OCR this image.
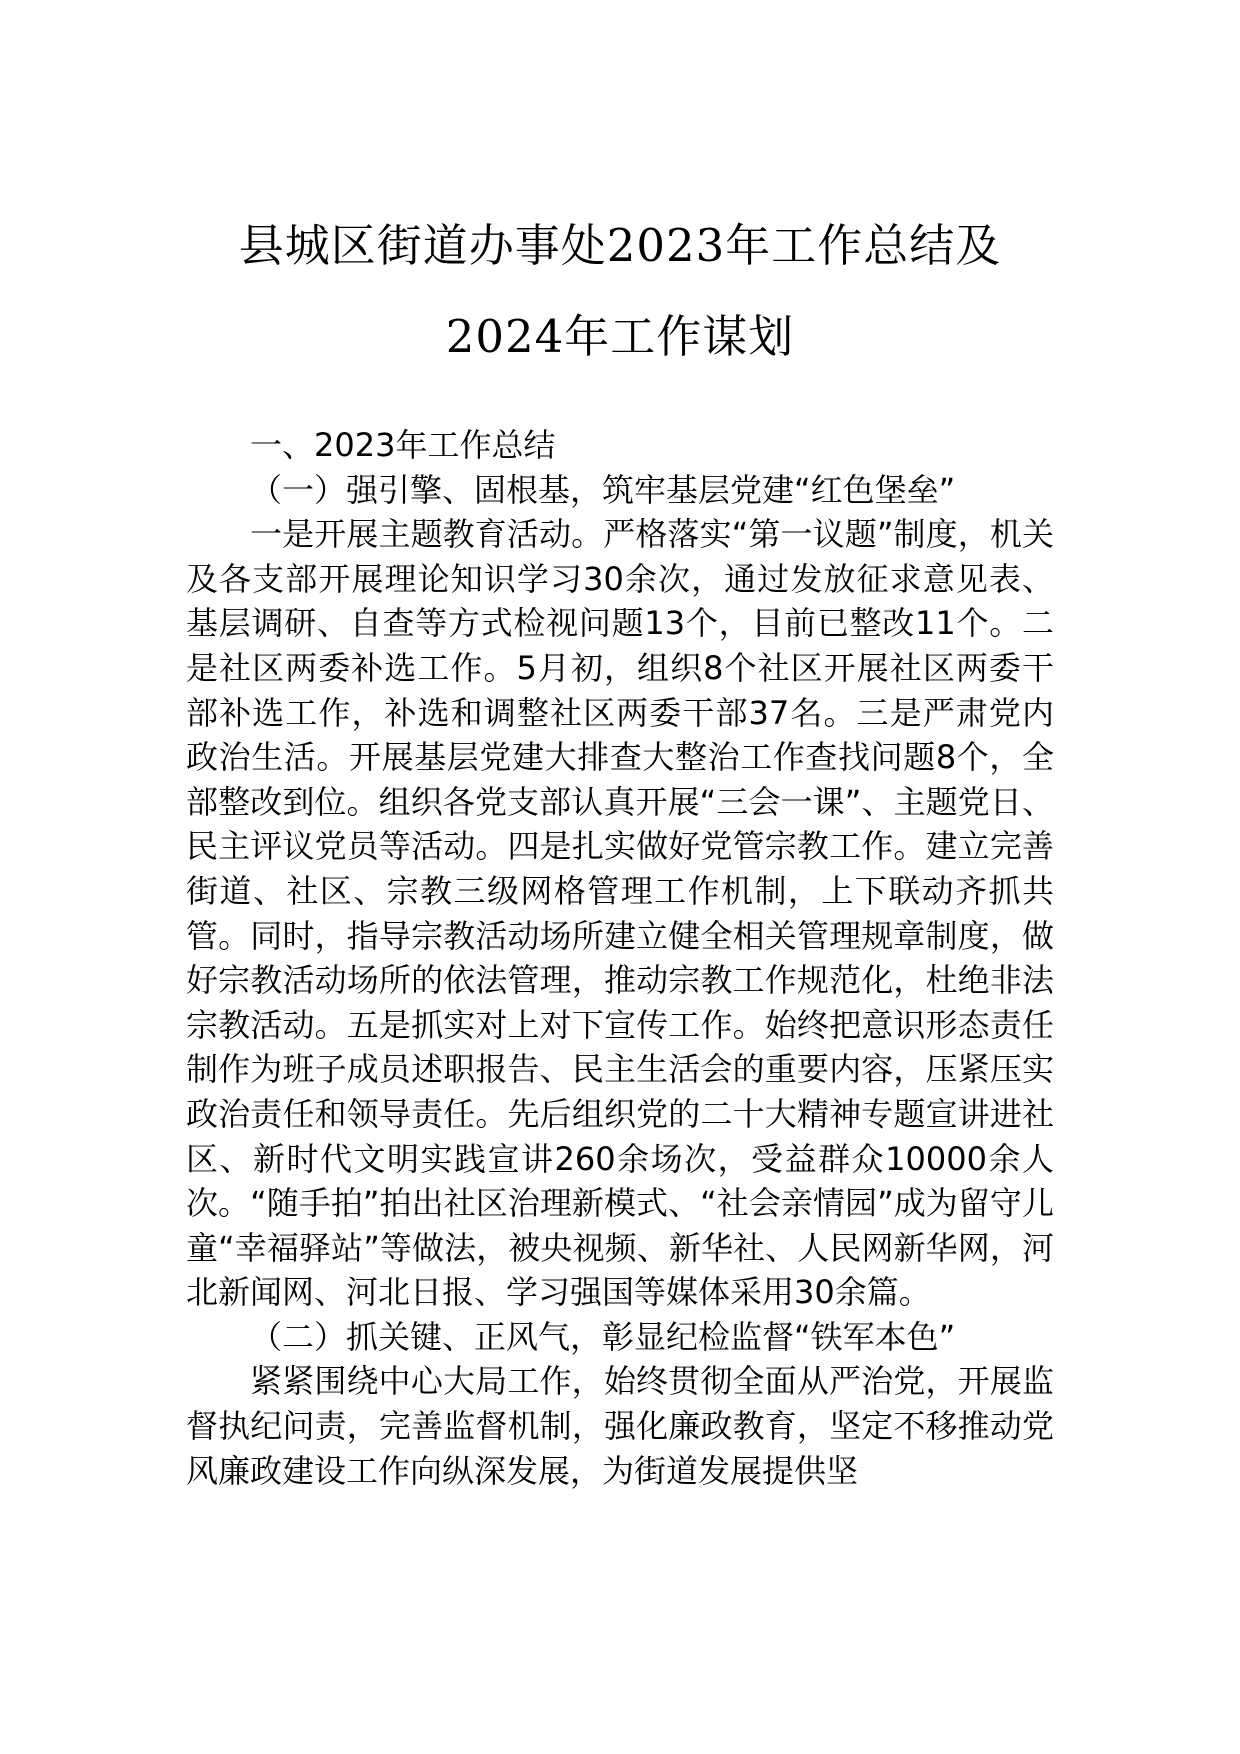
县城区街道办事处2023年工作总结及2024年工作谋划

一、2023年工作总结

（一）强引擎、固根基，筑牢基层党建“红色堡垒”

一是开展主题教育活动。严格落实“第一议题”制度，机关及各支部开展理论知识学习30余次，通过发放征求意见表、基层调研、自查等方式检视问题13个，目前已整改11个。二是社区两委补选工作。5月初，组织8个社区开展社区两委干部补选工作，补选和调整社区两委干部37名。三是严肃党内政治生活。开展基层党建大排查大整治工作查找问题8个，全部整改到位。组织各党支部认真开展“三会一课”、主题党日、民主评议党员等活动。四是扎实做好党管宗教工作。建立完善街道、社区、宗教三级网格管理工作机制，上下联动齐抓共管。同时，指导宗教活动场所建立健全相关管理规章制度，做好宗教活动场所的依法管理，推动宗教工作规范化，杜绝非法宗教活动。五是抓实对上对下宣传工作。始终把意识形态责任制作为班子成员述职报告、民主生活会的重要内容，压紧压实政治责任和领导责任。先后组织党的二十大精神专题宣讲进社区、新时代文明实践宣讲260余场次，受益群众10000余人次。“随手拍”拍出社区治理新模式、“社会亲情园”成为留守儿童“幸福驿站”等做法，被央视频、新华社、人民网新华网，河北新闻网、河北日报、学习强国等媒体采用30余篇。

（二）抓关键、正风气，彰显纪检监督“铁军本色”

紧紧围绕中心大局工作，始终贯彻全面从严治党，开展监督执纪问责，完善监督机制，强化廉政教育，坚定不移推动党风廉政建设工作向纵深发展，为街道发展提供坚
